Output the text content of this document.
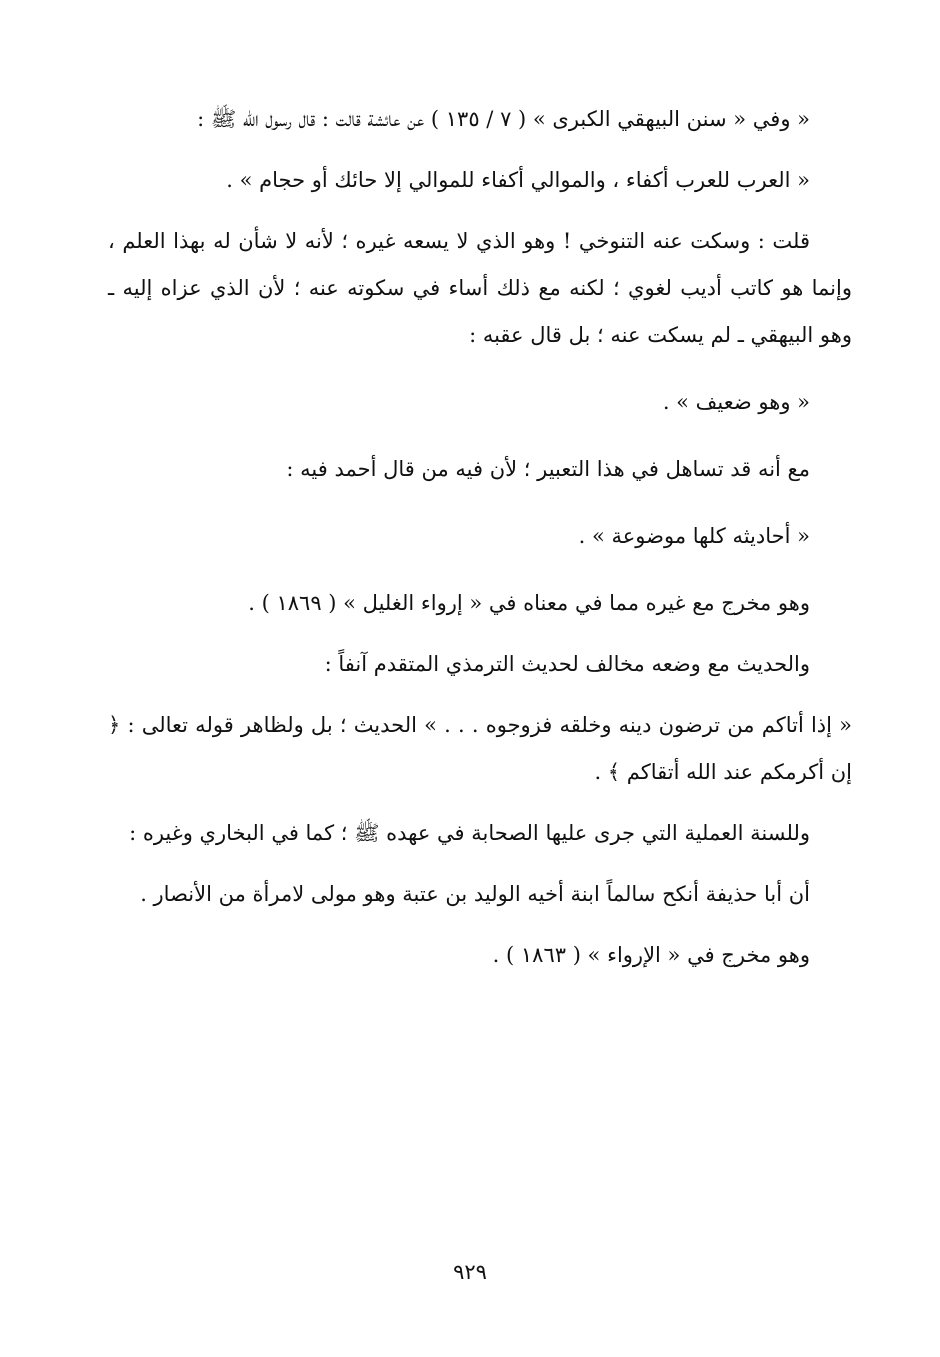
« وفي « سنن البيهقي الكبرى » ( ٧ / ١٣٥ ) عن عائشة قالت : قال رسول الله ﷺ :

« العرب للعرب أكفاء ، والموالي أكفاء للموالي إلا حائك أو حجام » .

قلت : وسكت عنه التنوخي ! وهو الذي لا يسعه غيره ؛ لأنه لا شأن له بهذا العلم ، وإنما هو كاتب أديب لغوي ؛ لكنه مع ذلك أساء في سكوته عنه ؛ لأن الذي عزاه إليه ـ وهو البيهقي ـ لم يسكت عنه ؛ بل قال عقبه :

« وهو ضعيف » .

مع أنه قد تساهل في هذا التعبير ؛ لأن فيه من قال أحمد فيه :

« أحاديثه كلها موضوعة » .

وهو مخرج مع غيره مما في معناه في « إرواء الغليل » ( ١٨٦٩ ) .

والحديث مع وضعه مخالف لحديث الترمذي المتقدم آنفاً :

« إذا أتاكم من ترضون دينه وخلقه فزوجوه . . . » الحديث ؛ بل ولظاهر قوله تعالى : ﴿ إن أكرمكم عند الله أتقاكم ﴾ .

وللسنة العملية التي جرى عليها الصحابة في عهده ﷺ ؛ كما في البخاري وغيره :

أن أبا حذيفة أنكح سالماً ابنة أخيه الوليد بن عتبة وهو مولى لامرأة من الأنصار .

وهو مخرج في « الإرواء » ( ١٨٦٣ ) .

٩٢٩
